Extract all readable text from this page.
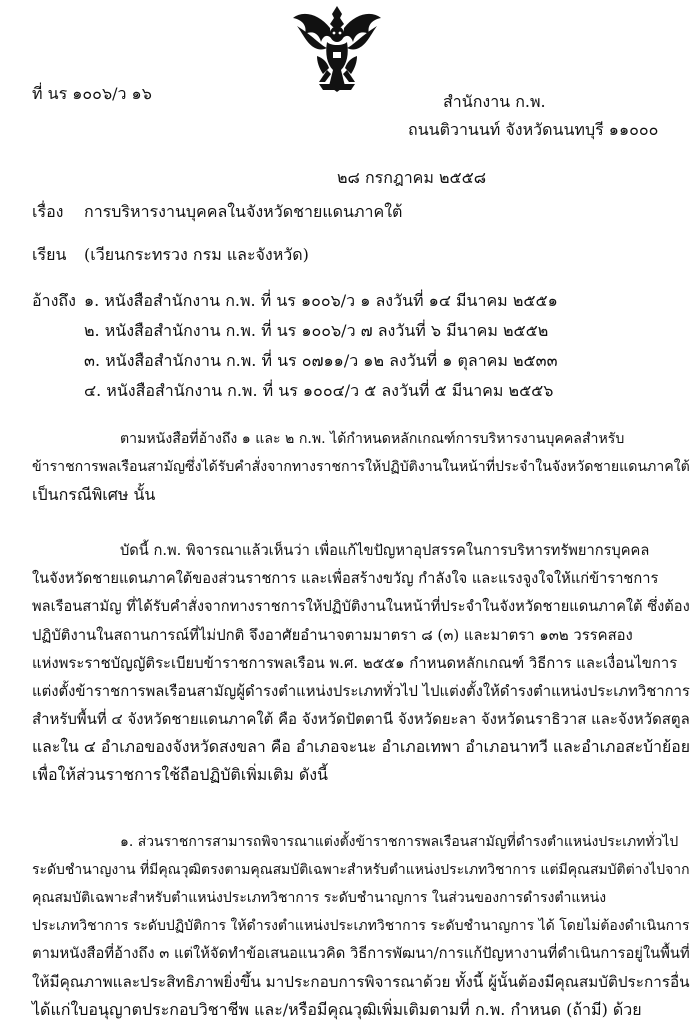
ที่ นร ๑๐๐๖/ว ๑๖	สำนักงาน ก.พ.
ถนนติวานนท์ จังหวัดนนทบุรี ๑๑๐๐๐
๒๘ กรกฎาคม ๒๕๕๘
เรื่อง การบริหารงานบุคคลในจังหวัดชายแดนภาคใต้
เรียน (เวียนกระทรวง กรม และจังหวัด)
อ้างถึง ๑. หนังสือสำนักงาน ก.พ. ที่ นร ๑๐๐๖/ว ๑ ลงวันที่ ๑๔ มีนาคม ๒๕๕๑
๒. หนังสือสำนักงาน ก.พ. ที่ นร ๑๐๐๖/ว ๗ ลงวันที่ ๖ มีนาคม ๒๕๕๒
๓. หนังสือสำนักงาน ก.พ. ที่ นร ๐๗๑๑/ว ๑๒ ลงวันที่ ๑ ตุลาคม ๒๕๓๓
๔. หนังสือสำนักงาน ก.พ. ที่ นร ๑๐๐๔/ว ๕ ลงวันที่ ๕ มีนาคม ๒๕๕๖
ตามหนังสือที่อ้างถึง ๑ และ ๒ ก.พ. ได้กำหนดหลักเกณฑ์การบริหารงานบุคคลสำหรับ
ข้าราชการพลเรือนสามัญซึ่งได้รับคำสั่งจากทางราชการให้ปฏิบัติงานในหน้าที่ประจำในจังหวัดชายแดนภาคใต้
เป็นกรณีพิเศษ นั้น
บัดนี้ ก.พ. พิจารณาแล้วเห็นว่า เพื่อแก้ไขปัญหาอุปสรรคในการบริหารทรัพยากรบุคคล
ในจังหวัดชายแดนภาคใต้ของส่วนราชการ และเพื่อสร้างขวัญ กำลังใจ และแรงจูงใจให้แก่ข้าราชการ
พลเรือนสามัญ ที่ได้รับคำสั่งจากทางราชการให้ปฏิบัติงานในหน้าที่ประจำในจังหวัดชายแดนภาคใต้ ซึ่งต้อง
ปฏิบัติงานในสถานการณ์ที่ไม่ปกติ จึงอาศัยอำนาจตามมาตรา ๘ (๓) และมาตรา ๑๓๒ วรรคสอง
แห่งพระราชบัญญัติระเบียบข้าราชการพลเรือน พ.ศ. ๒๕๕๑ กำหนดหลักเกณฑ์ วิธีการ และเงื่อนไขการ
แต่งตั้งข้าราชการพลเรือนสามัญผู้ดำรงตำแหน่งประเภททั่วไป ไปแต่งตั้งให้ดำรงตำแหน่งประเภทวิชาการ
สำหรับพื้นที่ ๔ จังหวัดชายแดนภาคใต้ คือ จังหวัดปัตตานี จังหวัดยะลา จังหวัดนราธิวาส และจังหวัดสตูล
และใน ๔ อำเภอของจังหวัดสงขลา คือ อำเภอจะนะ อำเภอเทพา อำเภอนาทวี และอำเภอสะบ้าย้อย
เพื่อให้ส่วนราชการใช้ถือปฏิบัติเพิ่มเติม ดังนี้
๑. ส่วนราชการสามารถพิจารณาแต่งตั้งข้าราชการพลเรือนสามัญที่ดำรงตำแหน่งประเภททั่วไป
ระดับชำนาญงาน ที่มีคุณวุฒิตรงตามคุณสมบัติเฉพาะสำหรับตำแหน่งประเภทวิชาการ แต่มีคุณสมบัติต่างไปจาก
คุณสมบัติเฉพาะสำหรับตำแหน่งประเภทวิชาการ ระดับชำนาญการ ในส่วนของการดำรงตำแหน่ง
ประเภทวิชาการ ระดับปฏิบัติการ ให้ดำรงตำแหน่งประเภทวิชาการ ระดับชำนาญการ ได้ โดยไม่ต้องดำเนินการ
ตามหนังสือที่อ้างถึง ๓ แต่ให้จัดทำข้อเสนอแนวคิด วิธีการพัฒนา/การแก้ปัญหางานที่ดำเนินการอยู่ในพื้นที่
ให้มีคุณภาพและประสิทธิภาพยิ่งขึ้น มาประกอบการพิจารณาด้วย ทั้งนี้ ผู้นั้นต้องมีคุณสมบัติประการอื่น
ได้แก่ใบอนุญาตประกอบวิชาชีพ และ/หรือมีคุณวุฒิเพิ่มเติมตามที่ ก.พ. กำหนด (ถ้ามี) ด้วย
